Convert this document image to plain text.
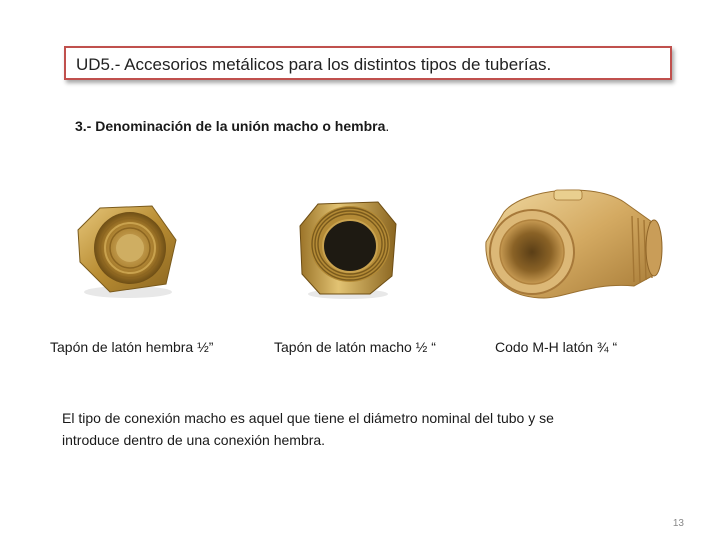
UD5.- Accesorios metálicos para los distintos tipos de tuberías.
3.- Denominación de la unión macho o hembra.
Tapón de latón hembra ½”	Tapón de latón macho ½ “	Codo M-H latón ¾ “
El tipo de conexión macho es aquel que tiene el diámetro nominal del tubo y se
introduce dentro de una conexión hembra.
13
